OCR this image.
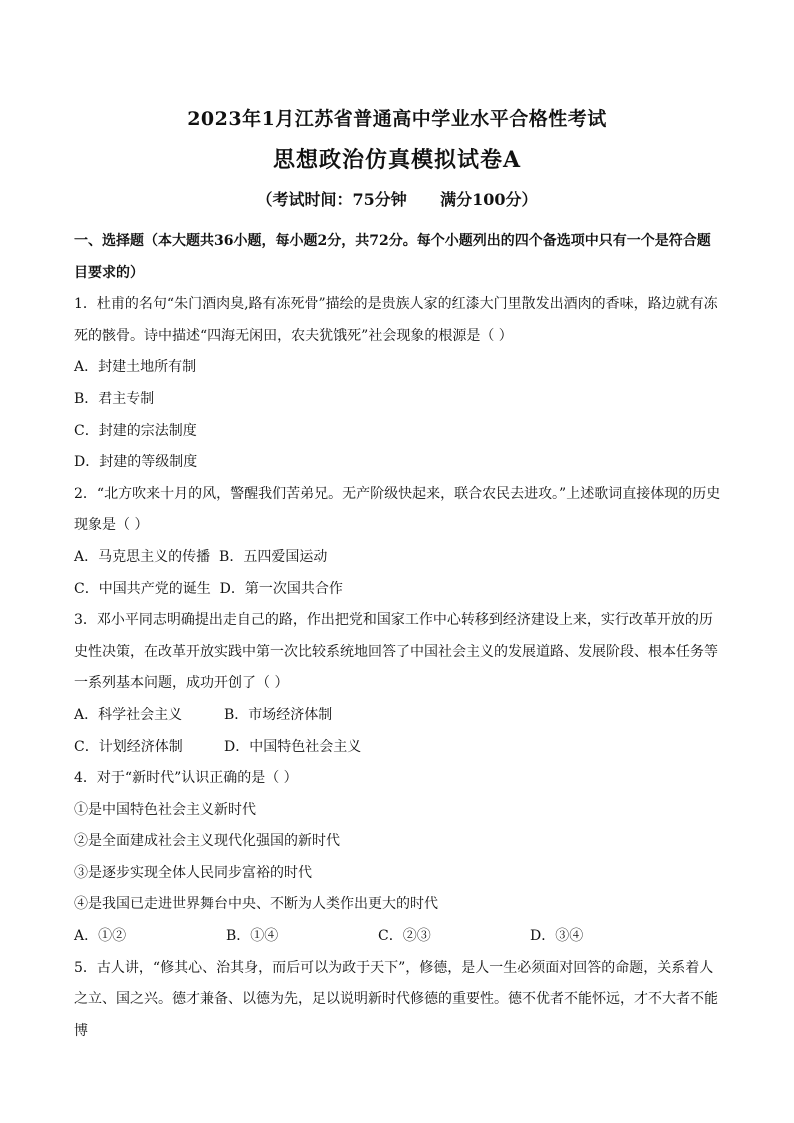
2023年1月江苏省普通高中学业水平合格性考试
思想政治仿真模拟试卷A
（考试时间：75分钟      满分100分）
一、选择题（本大题共36小题，每小题2分，共72分。每个小题列出的四个备选项中只有一个是符合题目要求的）
1．杜甫的名句“朱门酒肉臭,路有冻死骨”描绘的是贵族人家的红漆大门里散发出酒肉的香味，路边就有冻死的骸骨。诗中描述“四海无闲田，农夫犹饿死”社会现象的根源是（ ）
A．封建土地所有制
B．君主专制
C．封建的宗法制度
D．封建的等级制度
2．“北方吹来十月的风，警醒我们苦弟兄。无产阶级快起来，联合农民去进攻。”上述歌词直接体现的历史现象是（ ）
A．马克思主义的传播 B．五四爱国运动
C．中国共产党的诞生 D．第一次国共合作
3．邓小平同志明确提出走自己的路，作出把党和国家工作中心转移到经济建设上来，实行改革开放的历史性决策，在改革开放实践中第一次比较系统地回答了中国社会主义的发展道路、发展阶段、根本任务等一系列基本问题，成功开创了（ ）
A．科学社会主义	B．市场经济体制
C．计划经济体制	D．中国特色社会主义
4．对于“新时代”认识正确的是（ ）
①是中国特色社会主义新时代
②是全面建成社会主义现代化强国的新时代
③是逐步实现全体人民同步富裕的时代
④是我国已走进世界舞台中央、不断为人类作出更大的时代
A．①②	B．①④	C．②③	D．③④
5．古人讲，“修其心、治其身，而后可以为政于天下”，修德，是人一生必须面对回答的命题，关系着人之立、国之兴。德才兼备、以德为先，足以说明新时代修德的重要性。德不优者不能怀远，才不大者不能博
